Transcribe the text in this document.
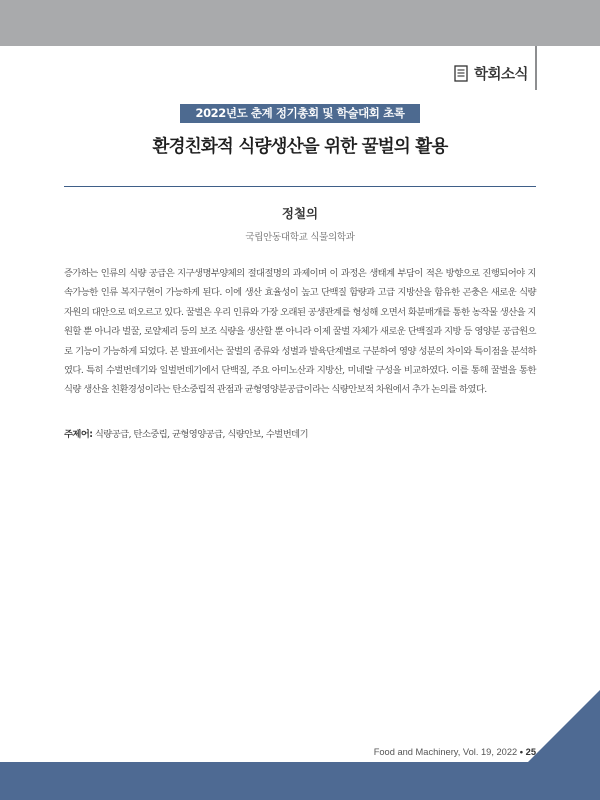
학회소식
2022년도 춘계 정기총회 및 학술대회 초록
환경친화적 식량생산을 위한 꿀벌의 활용
정철의
국립안동대학교 식물의학과

증가하는 인류의 식량 공급은 지구생명부양체의 절대절명의 과제이며 이 과정은 생태계 부담이 적은 방향으로 진행되어야 지속가능한 인류 복지구현이 가능하게 된다. 이에 생산 효율성이 높고 단백질 함량과 고급 지방산을 함유한 곤충은 새로운 식량 자원의 대안으로 떠오르고 있다. 꿀벌은 우리 인류와 가장 오래된 공생관계를 형성해 오면서 화분매개를 통한 농작물 생산을 지원할 뿐 아니라 벌꿀, 로얄제리 등의 보조 식량을 생산할 뿐 아니라 이제 꿀벌 자체가 새로운 단백질과 지방 등 영양분 공급원으로 기능이 가능하게 되었다. 본 발표에서는 꿀벌의 종류와 성별과 발육단계별로 구분하여 영양 성분의 차이와 특이점을 분석하였다. 특히 수벌번데기와 일벌번데기에서 단백질, 주요 아미노산과 지방산, 미네랄 구성을 비교하였다. 이를 통해 꿀벌을 통한 식량 생산을 친환경성이라는 탄소중립적 관점과 균형영양분공급이라는 식량안보적 차원에서 추가 논의를 하였다.

주제어: 식량공급, 탄소중립, 균형영양공급, 식량안보, 수벌번데기
Food and Machinery, Vol. 19, 2022 • 25
